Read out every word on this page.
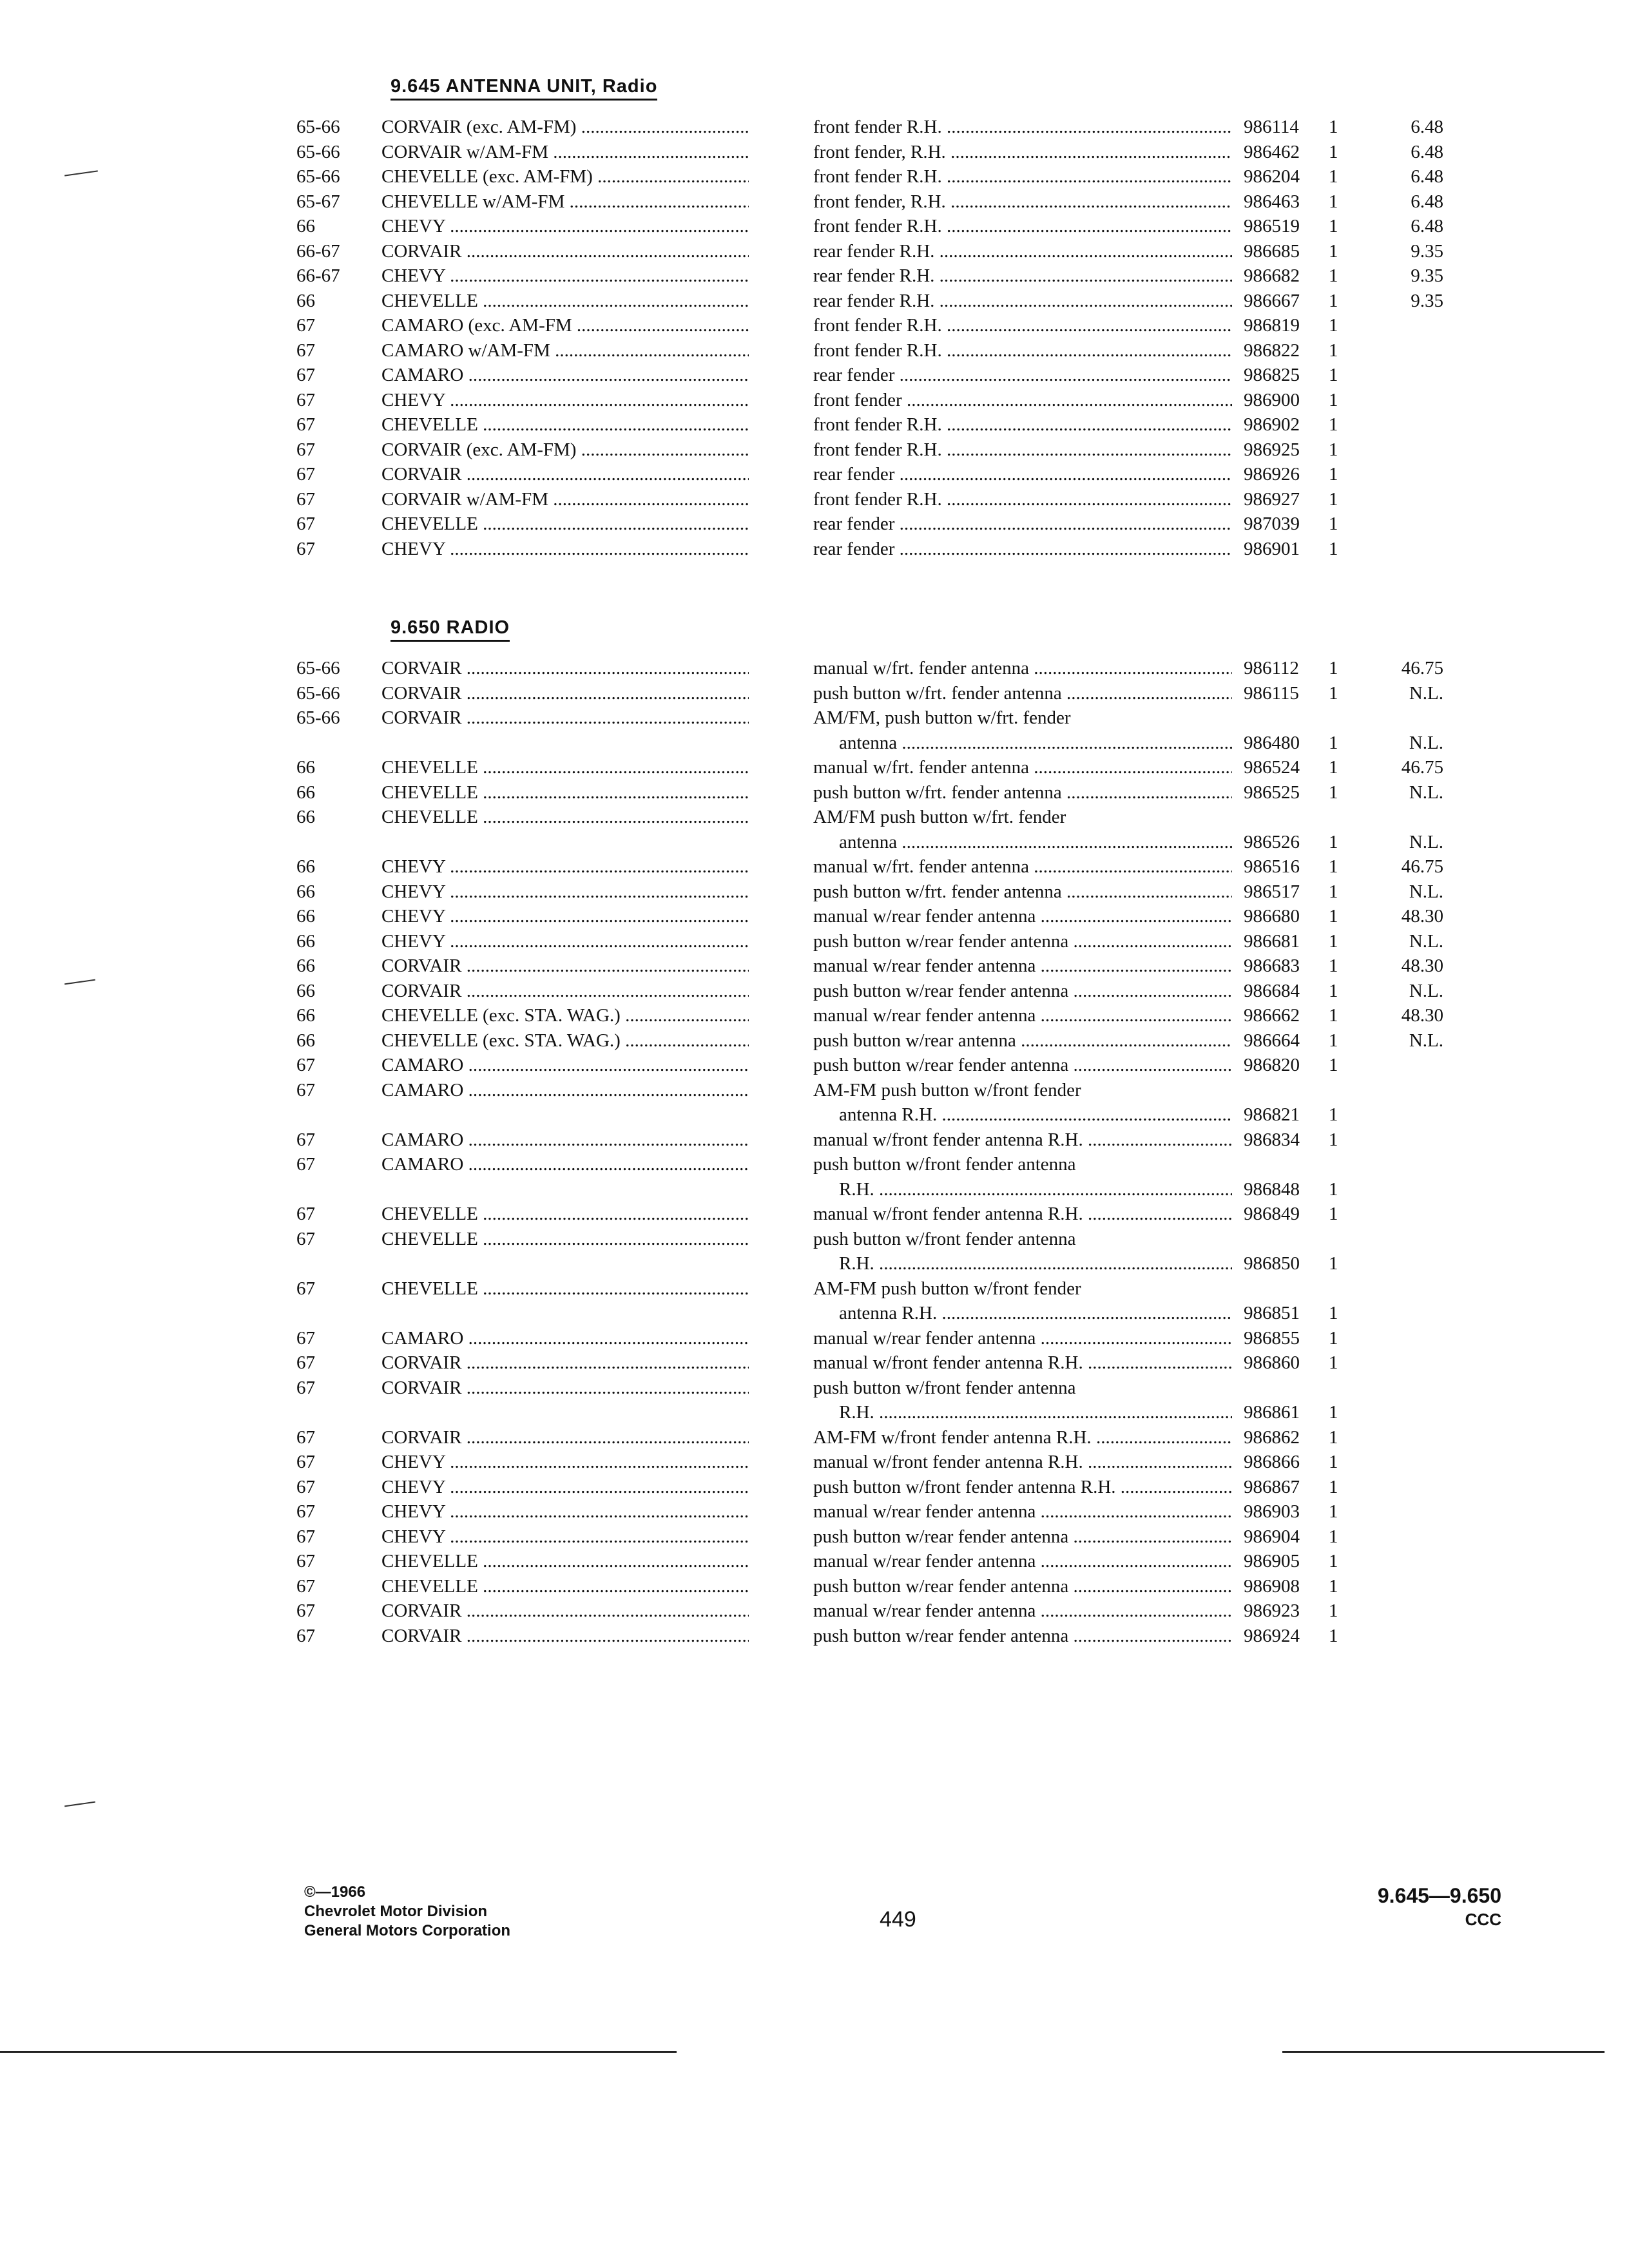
9.645 ANTENNA UNIT, Radio
65-66	CORVAIR (exc. AM-FM) .....	front fender R.H. .....	986114	1	6.48
65-66	CORVAIR w/AM-FM .....	front fender, R.H. .....	986462	1	6.48
65-66	CHEVELLE (exc. AM-FM) .....	front fender R.H. .....	986204	1	6.48
65-67	CHEVELLE w/AM-FM .....	front fender, R.H. .....	986463	1	6.48
66	CHEVY .....	front fender R.H. .....	986519	1	6.48
66-67	CORVAIR .....	rear fender R.H. .....	986685	1	9.35
66-67	CHEVY .....	rear fender R.H. .....	986682	1	9.35
66	CHEVELLE .....	rear fender R.H. .....	986667	1	9.35
67	CAMARO (exc. AM-FM .....	front fender R.H. .....	986819	1
67	CAMARO w/AM-FM .....	front fender R.H. .....	986822	1
67	CAMARO .....	rear fender .....	986825	1
67	CHEVY .....	front fender .....	986900	1
67	CHEVELLE .....	front fender R.H. .....	986902	1
67	CORVAIR (exc. AM-FM) .....	front fender R.H. .....	986925	1
67	CORVAIR .....	rear fender .....	986926	1
67	CORVAIR w/AM-FM .....	front fender R.H. .....	986927	1
67	CHEVELLE .....	rear fender .....	987039	1
67	CHEVY .....	rear fender .....	986901	1
9.650 RADIO
65-66	CORVAIR .....	manual w/frt. fender antenna .....	986112	1	46.75
65-66	CORVAIR .....	push button w/frt. fender antenna .....	986115	1	N.L.
65-66	CORVAIR .....	AM/FM, push button w/frt. fender
antenna .....	986480	1	N.L.
66	CHEVELLE .....	manual w/frt. fender antenna .....	986524	1	46.75
66	CHEVELLE .....	push button w/frt. fender antenna .....	986525	1	N.L.
66	CHEVELLE .....	AM/FM push button w/frt. fender
antenna .....	986526	1	N.L.
66	CHEVY .....	manual w/frt. fender antenna .....	986516	1	46.75
66	CHEVY .....	push button w/frt. fender antenna .....	986517	1	N.L.
66	CHEVY .....	manual w/rear fender antenna .....	986680	1	48.30
66	CHEVY .....	push button w/rear fender antenna .....	986681	1	N.L.
66	CORVAIR .....	manual w/rear fender antenna .....	986683	1	48.30
66	CORVAIR .....	push button w/rear fender antenna .....	986684	1	N.L.
66	CHEVELLE (exc. STA. WAG.) .....	manual w/rear fender antenna .....	986662	1	48.30
66	CHEVELLE (exc. STA. WAG.) .....	push button w/rear antenna .....	986664	1	N.L.
67	CAMARO .....	push button w/rear fender antenna .....	986820	1
67	CAMARO .....	AM-FM push button w/front fender
antenna R.H. .....	986821	1
67	CAMARO .....	manual w/front fender antenna R.H. .....	986834	1
67	CAMARO .....	push button w/front fender antenna
R.H. .....	986848	1
67	CHEVELLE .....	manual w/front fender antenna R.H. .....	986849	1
67	CHEVELLE .....	push button w/front fender antenna
R.H. .....	986850	1
67	CHEVELLE .....	AM-FM push button w/front fender
antenna R.H. .....	986851	1
67	CAMARO .....	manual w/rear fender antenna .....	986855	1
67	CORVAIR .....	manual w/front fender antenna R.H. .....	986860	1
67	CORVAIR .....	push button w/front fender antenna
R.H. .....	986861	1
67	CORVAIR .....	AM-FM w/front fender antenna R.H. .....	986862	1
67	CHEVY .....	manual w/front fender antenna R.H. .....	986866	1
67	CHEVY .....	push button w/front fender antenna R.H. .....	986867	1
67	CHEVY .....	manual w/rear fender antenna .....	986903	1
67	CHEVY .....	push button w/rear fender antenna .....	986904	1
67	CHEVELLE .....	manual w/rear fender antenna .....	986905	1
67	CHEVELLE .....	push button w/rear fender antenna .....	986908	1
67	CORVAIR .....	manual w/rear fender antenna .....	986923	1
67	CORVAIR .....	push button w/rear fender antenna .....	986924	1
©—1966
Chevrolet Motor Division
General Motors Corporation	449
9.645—9.650
CCC
